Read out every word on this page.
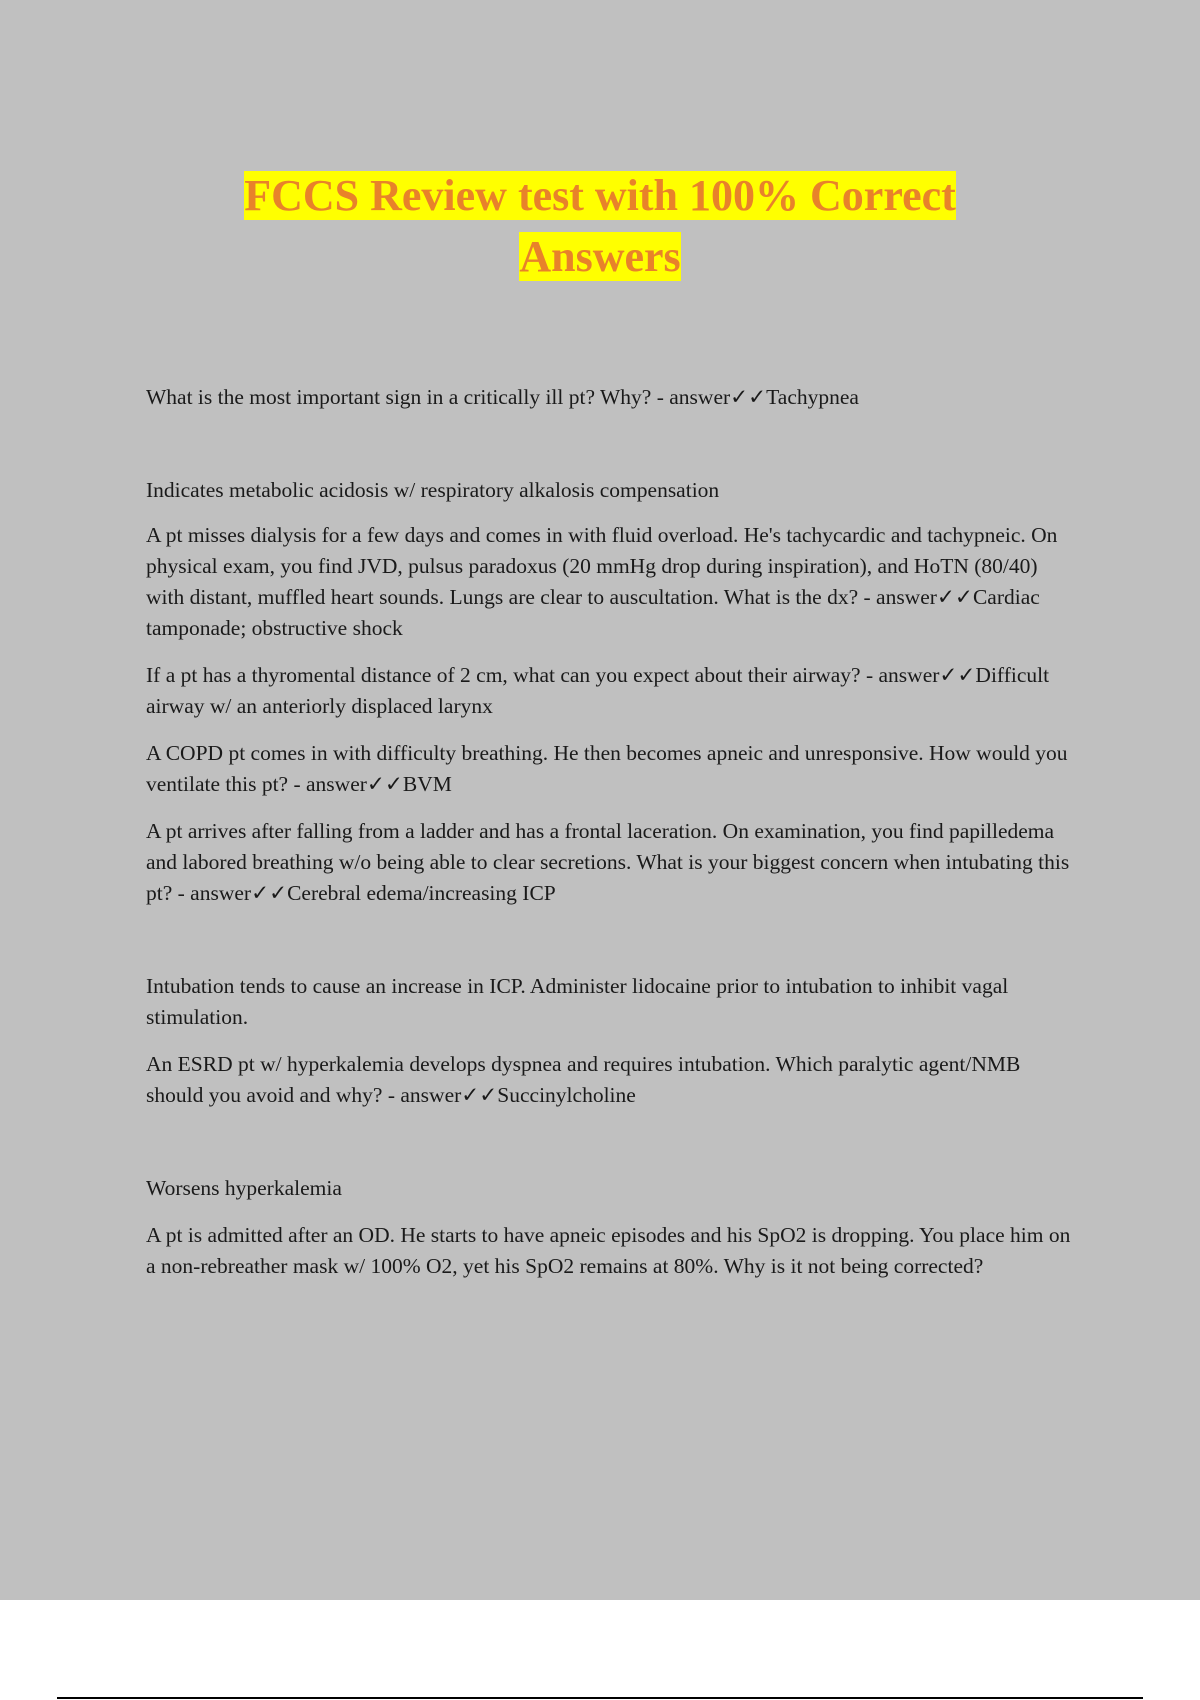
FCCS Review test with 100% Correct
Answers

What is the most important sign in a critically ill pt? Why? - answer✓✓Tachypnea

Indicates metabolic acidosis w/ respiratory alkalosis compensation

A pt misses dialysis for a few days and comes in with fluid overload. He's tachycardic and tachypneic. On physical exam, you find JVD, pulsus paradoxus (20 mmHg drop during inspiration), and HoTN (80/40) with distant, muffled heart sounds. Lungs are clear to auscultation. What is the dx? - answer✓✓Cardiac tamponade; obstructive shock

If a pt has a thyromental distance of 2 cm, what can you expect about their airway? - answer✓✓Difficult airway w/ an anteriorly displaced larynx

A COPD pt comes in with difficulty breathing. He then becomes apneic and unresponsive. How would you ventilate this pt? - answer✓✓BVM

A pt arrives after falling from a ladder and has a frontal laceration. On examination, you find papilledema and labored breathing w/o being able to clear secretions. What is your biggest concern when intubating this pt? - answer✓✓Cerebral edema/increasing ICP

Intubation tends to cause an increase in ICP. Administer lidocaine prior to intubation to inhibit vagal stimulation.

An ESRD pt w/ hyperkalemia develops dyspnea and requires intubation. Which paralytic agent/NMB should you avoid and why? - answer✓✓Succinylcholine

Worsens hyperkalemia

A pt is admitted after an OD. He starts to have apneic episodes and his SpO2 is dropping. You place him on a non-rebreather mask w/ 100% O2, yet his SpO2 remains at 80%. Why is it not being corrected?
